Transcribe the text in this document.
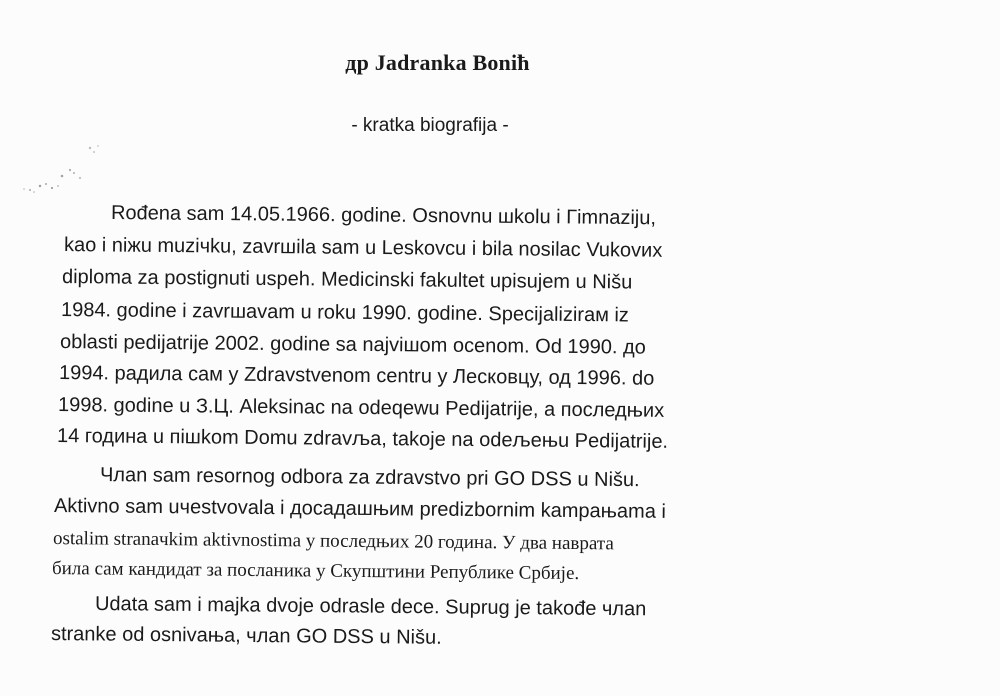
др Jadranka Boniћ
- kratka biografija -
Rođena sam 14.05.1966. godine. Osnovnu шkolu i Гimnaziju,
kao i niжu muziчku, zavrшila sam u Leskovcu i bila nosilac Vukovих
diploma za postignuti uspeh. Medicinski fakultet upisujem u Nišu
1984. godine i zavrшavam u roku 1990. godine. Specijalizirам iz
oblasti pedijatrije 2002. godine sa najviшom ocenom. Od 1990. до
1994. радила сам у Zdravstvenom centru у Лесковцу, од 1996. do
1998. godine u З.Ц. Aleksinac na odeqewu Pedijatrije, а последњих
14 година u пiшkom Domu zdravља, takoјe na odeљeњu Pedijatrije.
Члan sam resornog odbora za zdravstvo pri GO DSS u Nišu.
Aktivno sam uчestvovala i досадашњим predizbornim kampaњama i
ostalim stranaчkim aktivnostima у последњих 20 година. У два наврата
била сам кандидат за посланика у Скупштини Републике Србије.
Udata sam i majka dvoje odrasle dece. Suprug je takođe члan
stranke od osnivaња, члan GO DSS u Nišu.
